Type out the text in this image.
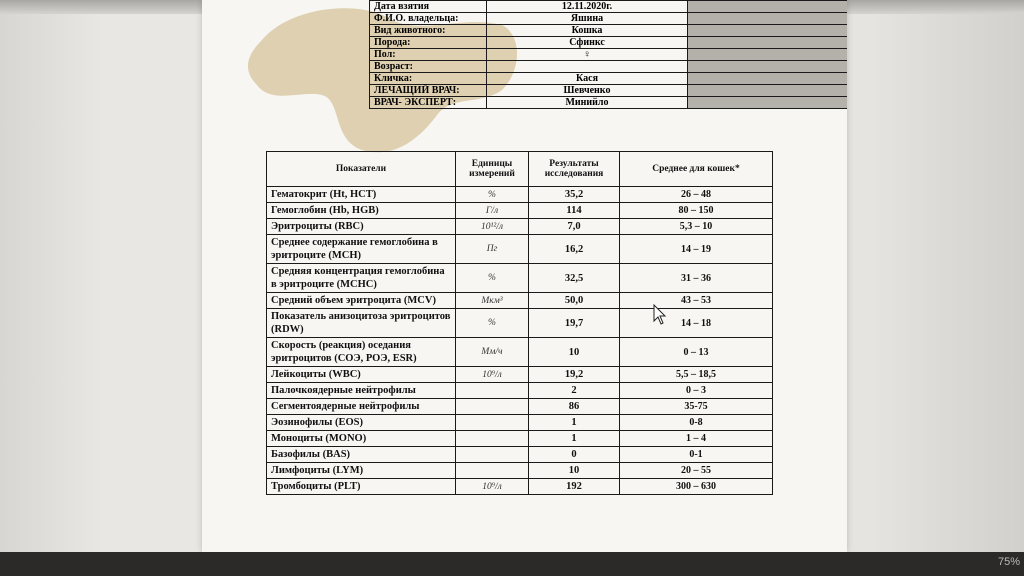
Дата взятия	12.11.2020г.	
Ф.И.О. владельца:	Яшина	
Вид животного:	Кошка	
Порода:	Сфинкс	
Пол:	♀	
Возраст:		
Кличка:	Кася	
ЛЕЧАЩИЙ ВРАЧ:	Шевченко	
ВРАЧ- ЭКСПЕРТ:	Минийло	
Показатели	Единицы измерений	Результаты исследования	Среднее для кошек*
Гематокрит (Ht, HCT)	%	35,2	26 – 48
Гемоглобин (Hb, HGB)	Г/л	114	80 – 150
Эритроциты (RBC)	10¹²/л	7,0	5,3 – 10
Среднее содержание гемоглобина в эритроците (MCH)	Пг	16,2	14 – 19
Средняя концентрация гемоглобина в эритроците (MCHC)	%	32,5	31 – 36
Средний объем эритроцита (MCV)	Мкм³	50,0	43 – 53
Показатель анизоцитоза эритроцитов (RDW)	%	19,7	14 – 18
Скорость (реакция) оседания эритроцитов (СОЭ, РОЭ, ESR)	Мм/ч	10	0 – 13
Лейкоциты (WBC)	10⁹/л	19,2	5,5 – 18,5
Палочкоядерные нейтрофилы		2	0 – 3
Сегментоядерные нейтрофилы		86	35-75
Эозинофилы (EOS)		1	0-8
Моноциты (MONO)		1	1 – 4
Базофилы (BAS)		0	0-1
Лимфоциты (LYM)		10	20 – 55
Тромбоциты (PLT)	10⁹/л	192	300 – 630
75%
